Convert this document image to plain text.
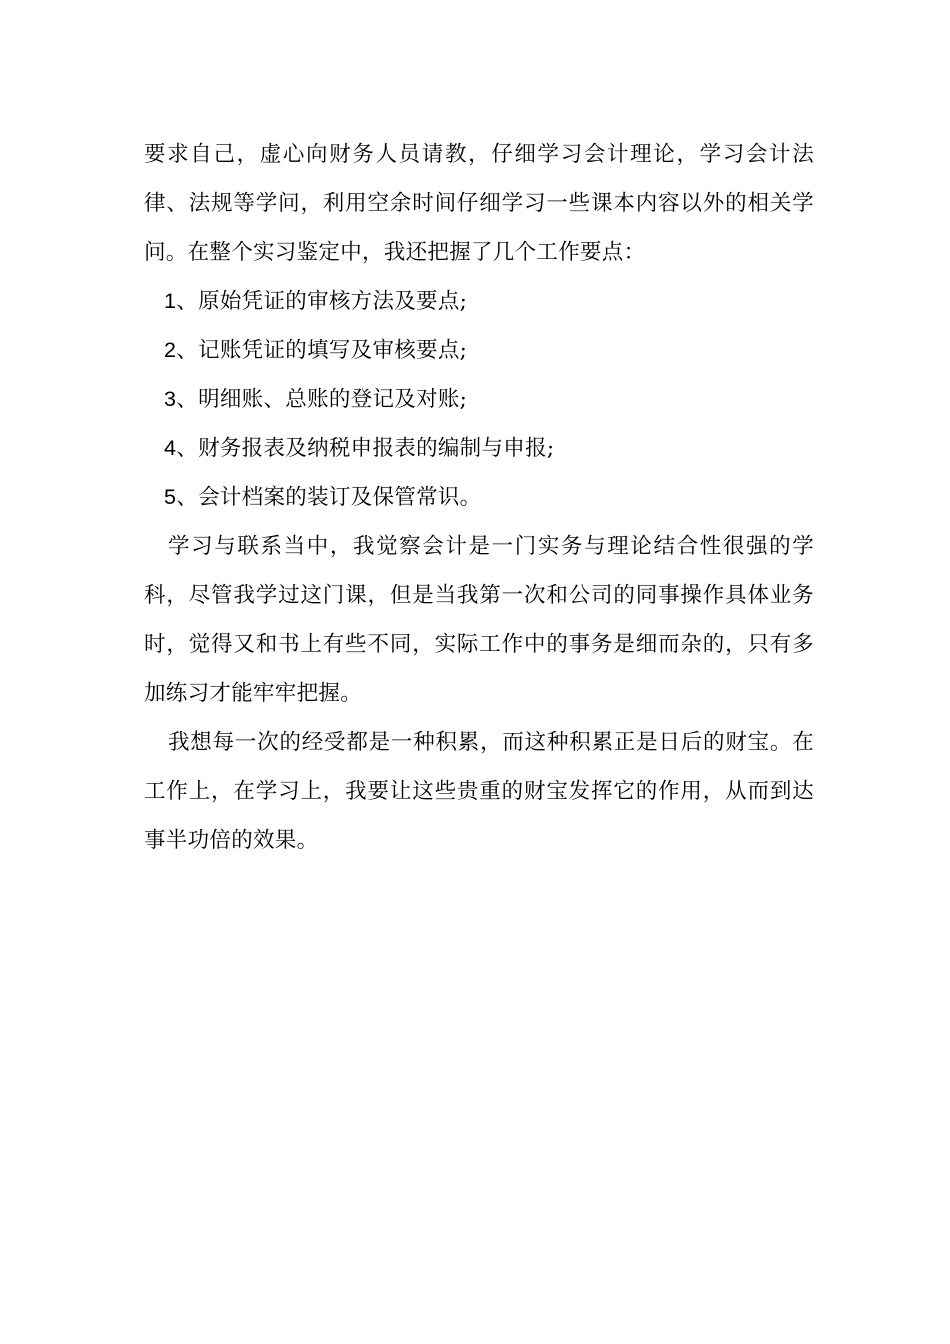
要求自己，虚心向财务人员请教，仔细学习会计理论，学习会计法律、法规等学问，利用空余时间仔细学习一些课本内容以外的相关学问。在整个实习鉴定中，我还把握了几个工作要点：

1、原始凭证的审核方法及要点;

2、记账凭证的填写及审核要点;

3、明细账、总账的登记及对账;

4、财务报表及纳税申报表的编制与申报;

5、会计档案的装订及保管常识。

学习与联系当中，我觉察会计是一门实务与理论结合性很强的学科，尽管我学过这门课，但是当我第一次和公司的同事操作具体业务时，觉得又和书上有些不同，实际工作中的事务是细而杂的，只有多加练习才能牢牢把握。

我想每一次的经受都是一种积累，而这种积累正是日后的财宝。在工作上，在学习上，我要让这些贵重的财宝发挥它的作用，从而到达事半功倍的效果。
